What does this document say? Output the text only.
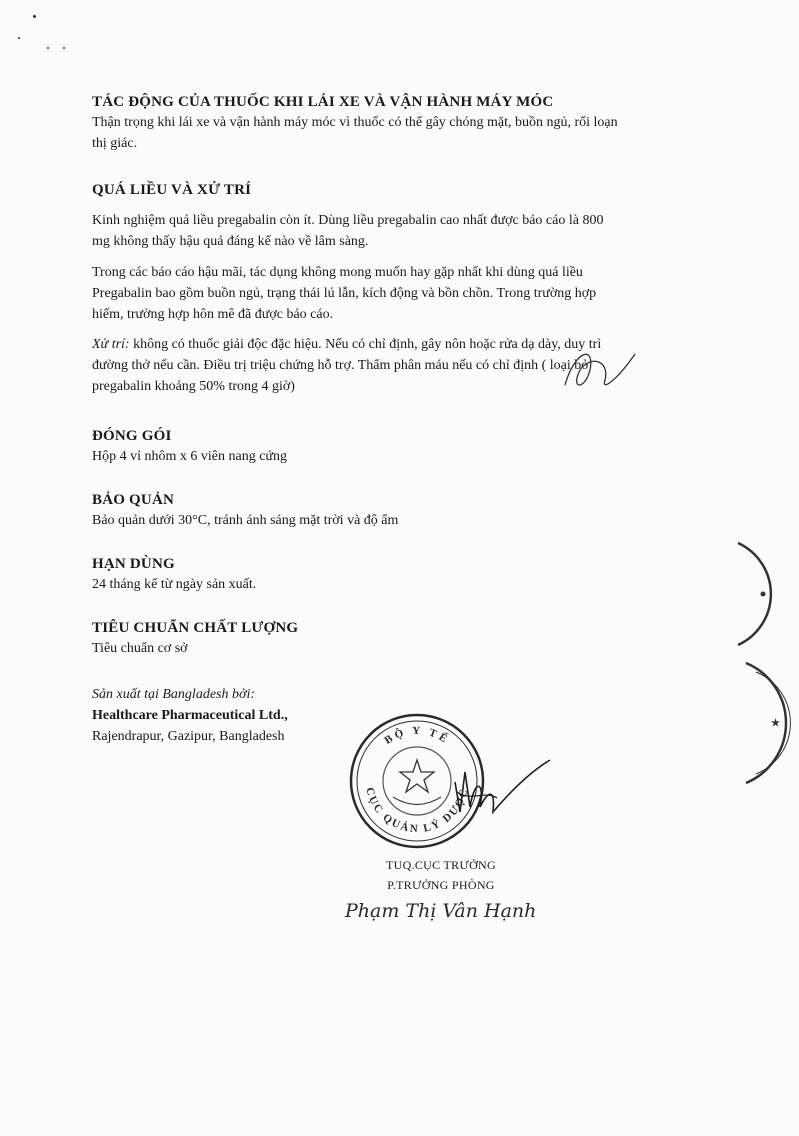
TÁC ĐỘNG CỦA THUỐC KHI LÁI XE VÀ VẬN HÀNH MÁY MÓC

Thận trọng khi lái xe và vận hành máy móc vì thuốc có thể gây chóng mặt, buồn ngủ, rối loạn

thị giác.

QUÁ LIỀU VÀ XỬ TRÍ

Kinh nghiệm quá liều pregabalin còn ít. Dùng liều pregabalin cao nhất được báo cáo là 800

mg không thấy hậu quả đáng kể nào về lâm sàng.

Trong các báo cáo hậu mãi, tác dụng không mong muốn hay gặp nhất khi dùng quá liều

Pregabalin bao gồm buồn ngủ, trạng thái lú lẫn, kích động và bồn chồn. Trong trường hợp

hiếm, trường hợp hôn mê đã được báo cáo.

Xử trí: không có thuốc giải độc đặc hiệu. Nếu có chỉ định, gây nôn hoặc rửa dạ dày, duy trì

đường thở nếu cần. Điều trị triệu chứng hỗ trợ. Thẩm phân máu nếu có chỉ định ( loại bỏ

pregabalin khoảng 50% trong 4 giờ)

ĐÓNG GÓI

Hộp 4 vỉ nhôm x 6 viên nang cứng

BẢO QUẢN

Bảo quản dưới 30°C, tránh ánh sáng mặt trời và độ ẩm

HẠN DÙNG

24 tháng kể từ ngày sản xuất.

TIÊU CHUẨN CHẤT LƯỢNG

Tiêu chuẩn cơ sở

Sản xuất tại Bangladesh bởi:

Healthcare Pharmaceutical Ltd.,

Rajendrapur, Gazipur, Bangladesh	BỘ Y TẾ
CỤC QUẢN LÝ DƯỢC
★
TUQ.CỤC TRƯỞNG
P.TRƯỞNG PHÒNG
Phạm Thị Vân Hạnh
